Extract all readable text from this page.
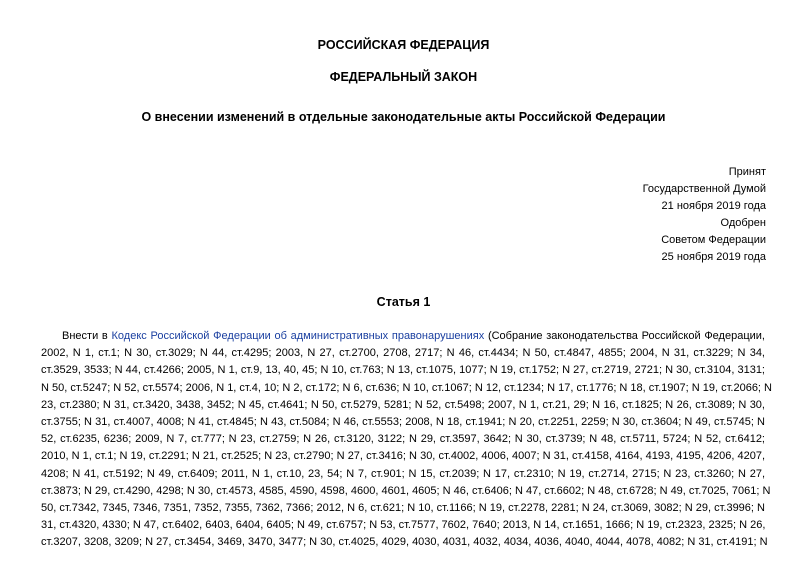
РОССИЙСКАЯ ФЕДЕРАЦИЯ
ФЕДЕРАЛЬНЫЙ ЗАКОН
О внесении изменений в отдельные законодательные акты Российской Федерации
Принят
Государственной Думой
21 ноября 2019 года
Одобрен
Советом Федерации
25 ноября 2019 года
Статья 1
Внести в Кодекс Российской Федерации об административных правонарушениях (Собрание законодательства Российской Федерации,
2002, N 1, ст.1; N 30, ст.3029; N 44, ст.4295; 2003, N 27, ст.2700, 2708, 2717; N 46, ст.4434; N 50, ст.4847, 4855; 2004, N 31, ст.3229; N 34,
ст.3529, 3533; N 44, ст.4266; 2005, N 1, ст.9, 13, 40, 45; N 10, ст.763; N 13, ст.1075, 1077; N 19, ст.1752; N 27, ст.2719, 2721; N 30, ст.3104, 3131;
N 50, ст.5247; N 52, ст.5574; 2006, N 1, ст.4, 10; N 2, ст.172; N 6, ст.636; N 10, ст.1067; N 12, ст.1234; N 17, ст.1776; N 18, ст.1907; N 19, ст.2066; N
23, ст.2380; N 31, ст.3420, 3438, 3452; N 45, ст.4641; N 50, ст.5279, 5281; N 52, ст.5498; 2007, N 1, ст.21, 29; N 16, ст.1825; N 26, ст.3089; N 30,
ст.3755; N 31, ст.4007, 4008; N 41, ст.4845; N 43, ст.5084; N 46, ст.5553; 2008, N 18, ст.1941; N 20, ст.2251, 2259; N 30, ст.3604; N 49, ст.5745; N
52, ст.6235, 6236; 2009, N 7, ст.777; N 23, ст.2759; N 26, ст.3120, 3122; N 29, ст.3597, 3642; N 30, ст.3739; N 48, ст.5711, 5724; N 52, ст.6412;
2010, N 1, ст.1; N 19, ст.2291; N 21, ст.2525; N 23, ст.2790; N 27, ст.3416; N 30, ст.4002, 4006, 4007; N 31, ст.4158, 4164, 4193, 4195, 4206, 4207,
4208; N 41, ст.5192; N 49, ст.6409; 2011, N 1, ст.10, 23, 54; N 7, ст.901; N 15, ст.2039; N 17, ст.2310; N 19, ст.2714, 2715; N 23, ст.3260; N 27,
ст.3873; N 29, ст.4290, 4298; N 30, ст.4573, 4585, 4590, 4598, 4600, 4601, 4605; N 46, ст.6406; N 47, ст.6602; N 48, ст.6728; N 49, ст.7025, 7061; N
50, ст.7342, 7345, 7346, 7351, 7352, 7355, 7362, 7366; 2012, N 6, ст.621; N 10, ст.1166; N 19, ст.2278, 2281; N 24, ст.3069, 3082; N 29, ст.3996; N
31, ст.4320, 4330; N 47, ст.6402, 6403, 6404, 6405; N 49, ст.6757; N 53, ст.7577, 7602, 7640; 2013, N 14, ст.1651, 1666; N 19, ст.2323, 2325; N 26,
ст.3207, 3208, 3209; N 27, ст.3454, 3469, 3470, 3477; N 30, ст.4025, 4029, 4030, 4031, 4032, 4034, 4036, 4040, 4044, 4078, 4082; N 31, ст.4191; N
